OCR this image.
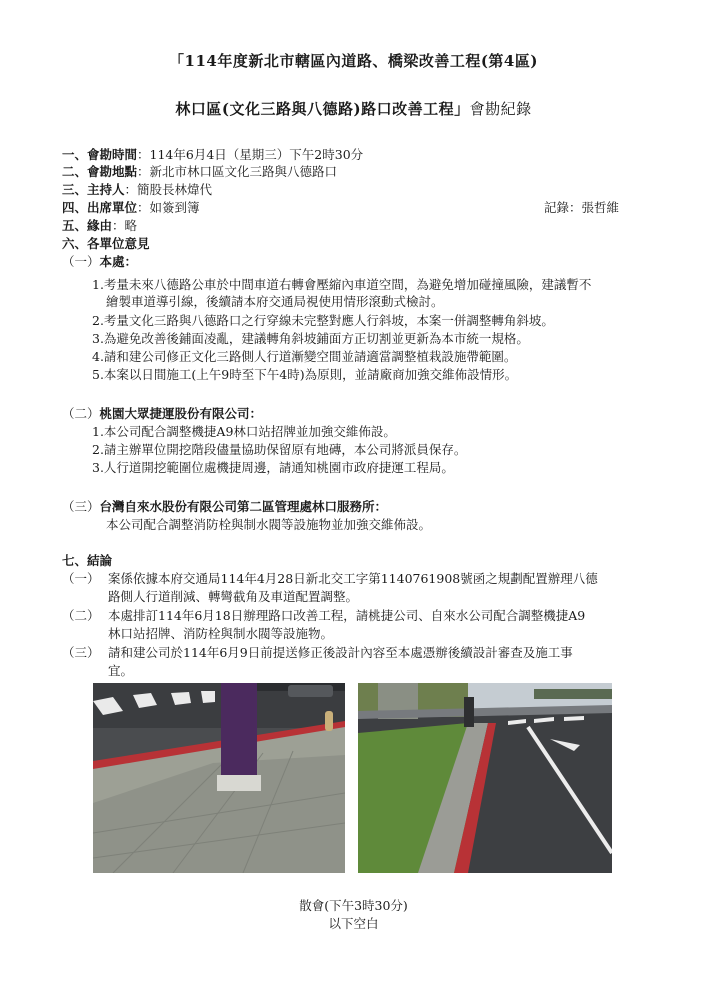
「114年度新北市轄區內道路、橋梁改善工程(第4區)
林口區(文化三路與八德路)路口改善工程」會勘紀錄
一、會勘時間：114年6月4日（星期三）下午2時30分
二、會勘地點：新北市林口區文化三路與八德路口
三、主持人：簡股長林煒代
四、出席單位：如簽到簿	記錄：張哲維
五、緣由：略
六、各單位意見
（一）本處：
1.考量未來八德路公車於中間車道右轉會壓縮內車道空間，為避免增加碰撞風險，建議暫不
繪製車道導引線，後續請本府交通局視使用情形滾動式檢討。
2.考量文化三路與八德路口之行穿線未完整對應人行斜坡，本案一併調整轉角斜坡。
3.為避免改善後鋪面凌亂，建議轉角斜坡鋪面方正切割並更新為本市統一規格。
4.請和建公司修正文化三路側人行道漸變空間並請適當調整植栽設施帶範圍。
5.本案以日間施工(上午9時至下午4時)為原則，並請廠商加強交維佈設情形。
（二）桃園大眾捷運股份有限公司：
1.本公司配合調整機捷A9林口站招牌並加強交維佈設。
2.請主辦單位開挖階段儘量協助保留原有地磚，本公司將派員保存。
3.人行道開挖範圍位處機捷周邊，請通知桃園市政府捷運工程局。
（三）台灣自來水股份有限公司第二區管理處林口服務所：
本公司配合調整消防栓與制水閥等設施物並加強交維佈設。
七、結論
（一） 案係依據本府交通局114年4月28日新北交工字第1140761908號函之規劃配置辦理八德
路側人行道削減、轉彎截角及車道配置調整。
（二） 本處排訂114年6月18日辦理路口改善工程，請桃捷公司、自來水公司配合調整機捷A9
林口站招牌、消防栓與制水閥等設施物。
（三） 請和建公司於114年6月9日前提送修正後設計內容至本處憑辦後續設計審查及施工事
宜。
散會(下午3時30分)
以下空白
